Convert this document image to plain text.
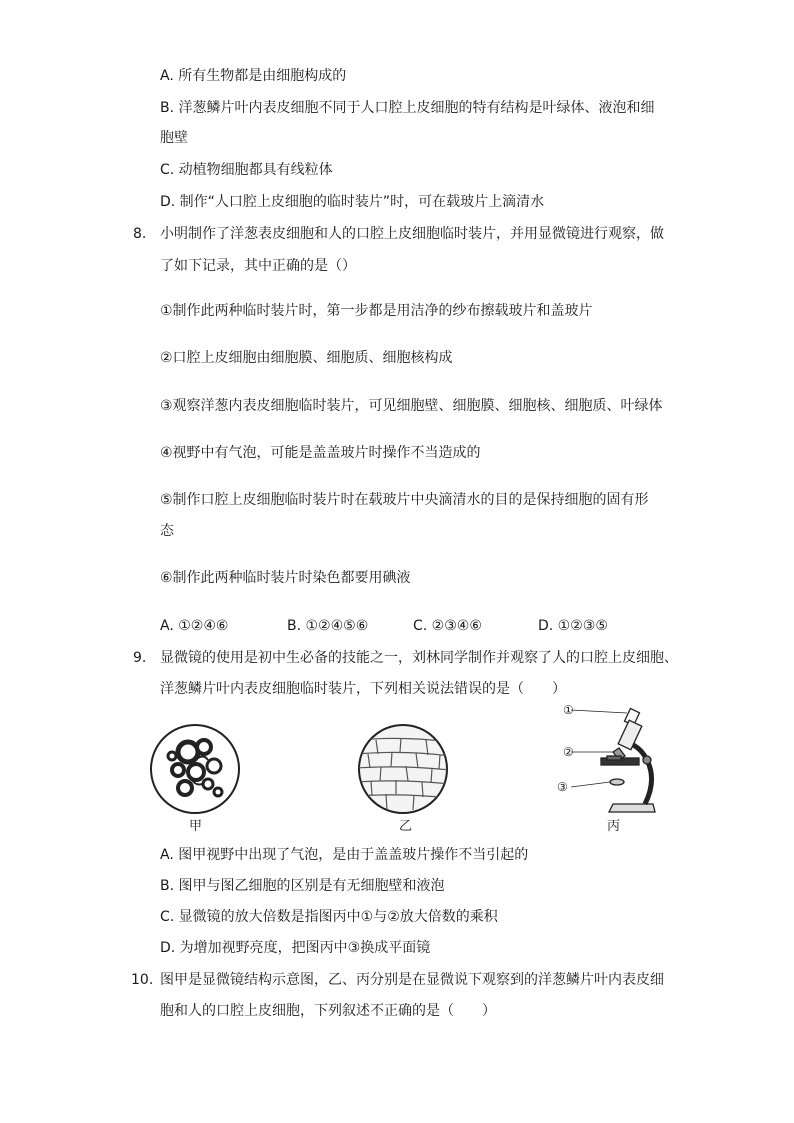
A. 所有生物都是由细胞构成的
B. 洋葱鳞片叶内表皮细胞不同于人口腔上皮细胞的特有结构是叶绿体、液泡和细
胞壁
C. 动植物细胞都具有线粒体
D. 制作“人口腔上皮细胞的临时装片”时，可在载玻片上滴清水
8. 小明制作了洋葱表皮细胞和人的口腔上皮细胞临时装片，并用显微镜进行观察，做
了如下记录，其中正确的是（）
①制作此两种临时装片时，第一步都是用洁净的纱布擦载玻片和盖玻片
②口腔上皮细胞由细胞膜、细胞质、细胞核构成
③观察洋葱内表皮细胞临时装片，可见细胞壁、细胞膜、细胞核、细胞质、叶绿体
④视野中有气泡，可能是盖盖玻片时操作不当造成的
⑤制作口腔上皮细胞临时装片时在载玻片中央滴清水的目的是保持细胞的固有形
态
⑥制作此两种临时装片时染色都要用碘液
A. ①②④⑥	B. ①②④⑤⑥	C. ②③④⑥	D. ①②③⑤
9. 显微镜的使用是初中生必备的技能之一，刘林同学制作并观察了人的口腔上皮细胞、
洋葱鳞片叶内表皮细胞临时装片，下列相关说法错误的是（　　）
甲	乙
①
②
③
丙
A. 图甲视野中出现了气泡，是由于盖盖玻片操作不当引起的
B. 图甲与图乙细胞的区别是有无细胞壁和液泡
C. 显微镜的放大倍数是指图丙中①与②放大倍数的乘积
D. 为增加视野亮度，把图丙中③换成平面镜
10. 图甲是显微镜结构示意图，乙、丙分别是在显微说下观察到的洋葱鳞片叶内表皮细
胞和人的口腔上皮细胞，下列叙述不正确的是（　　）
